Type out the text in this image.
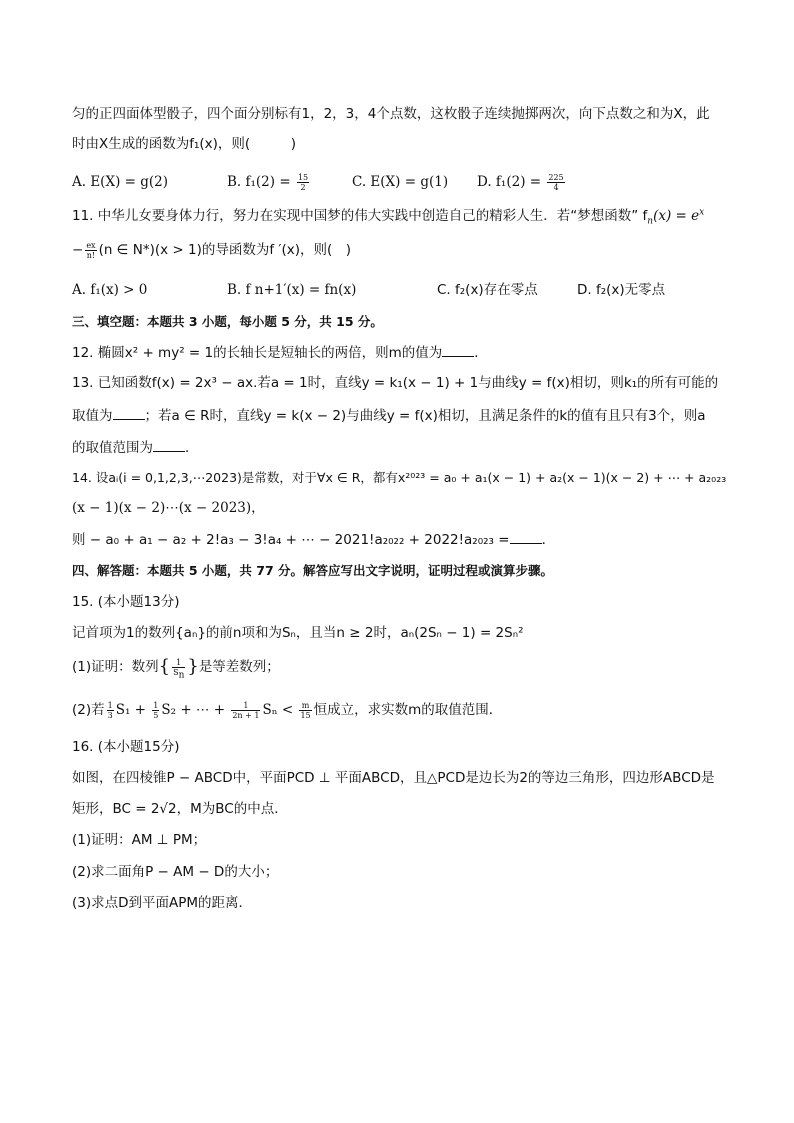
匀的正四面体型骰子，四个面分别标有1，2，3，4个点数，这枚骰子连续抛掷两次，向下点数之和为X，此
时由X生成的函数为f₁(x)，则(　　　)
A. E(X) = g(2)	B. $f_1(2) = \frac{15}{2}$	C. E(X) = g(1) D. $f_1(2) = \frac{225}{4}$
11. 中华儿女要身体力行，努力在实现中国梦的伟大实践中创造自己的精彩人生．若“梦想函数” $f_n(x) = e^x$
− $\frac{ex}{n!} (n$ ∈ N*)(x > 1)的导函数为f ′(x)，则(　)
A. f₁(x) > 0	B. f n+1′(x) = fn(x)	C. f₂(x)存在零点	D. f₂(x)无零点
三、填空题：本题共 3 小题，每小题 5 分，共 15 分。
12. 椭圆x² + my² = 1的长轴长是短轴长的两倍，则m的值为 ．
13. 已知函数f(x) = 2x³ − ax.若a = 1时，直线y = k₁(x − 1) + 1与曲线y = f(x)相切，则k₁的所有可能的
取值为 ；若a ∈ R时，直线y = k(x − 2)与曲线y = f(x)相切，且满足条件的k的值有且只有3个，则a
的取值范围为 ．
14. 设aᵢ(i = 0,1,2,3,⋯2023)是常数，对于∀x ∈ R，都有x²⁰²³ = a₀ + a₁(x − 1) + a₂(x − 1)(x − 2) + ⋯ + a₂₀₂₃
(x − 1)(x − 2)⋯(x − 2023)，
则 − a₀ + a₁ − a₂ + 2!a₃ − 3!a₄ + ⋯ − 2021!a₂₀₂₂ + 2022!a₂₀₂₃ = ．
四、解答题：本题共 5 小题，共 77 分。解答应写出文字说明，证明过程或演算步骤。
15. (本小题13分)
记首项为1的数列{aₙ}的前n项和为Sₙ，且当n ≥ 2时，aₙ(2Sₙ − 1) = 2Sₙ²
(1)证明：数列{ $\frac{1}{S_n}$ }是等差数列；
(2)若 $\frac{1}{3} S_1 + \frac{1}{5} S_2$ + ⋯ + $\frac{1}{2n + 1}$ $S_n < \frac{m}{15}$ 恒成立，求实数m的取值范围．
16. (本小题15分)
如图，在四棱锥P − ABCD中，平面PCD ⊥ 平面ABCD，且△PCD是边长为2的等边三角形，四边形ABCD是
矩形，BC = 2√2，M为BC的中点．
(1)证明：AM ⊥ PM；
(2)求二面角P − AM − D的大小；
(3)求点D到平面APM的距离．
